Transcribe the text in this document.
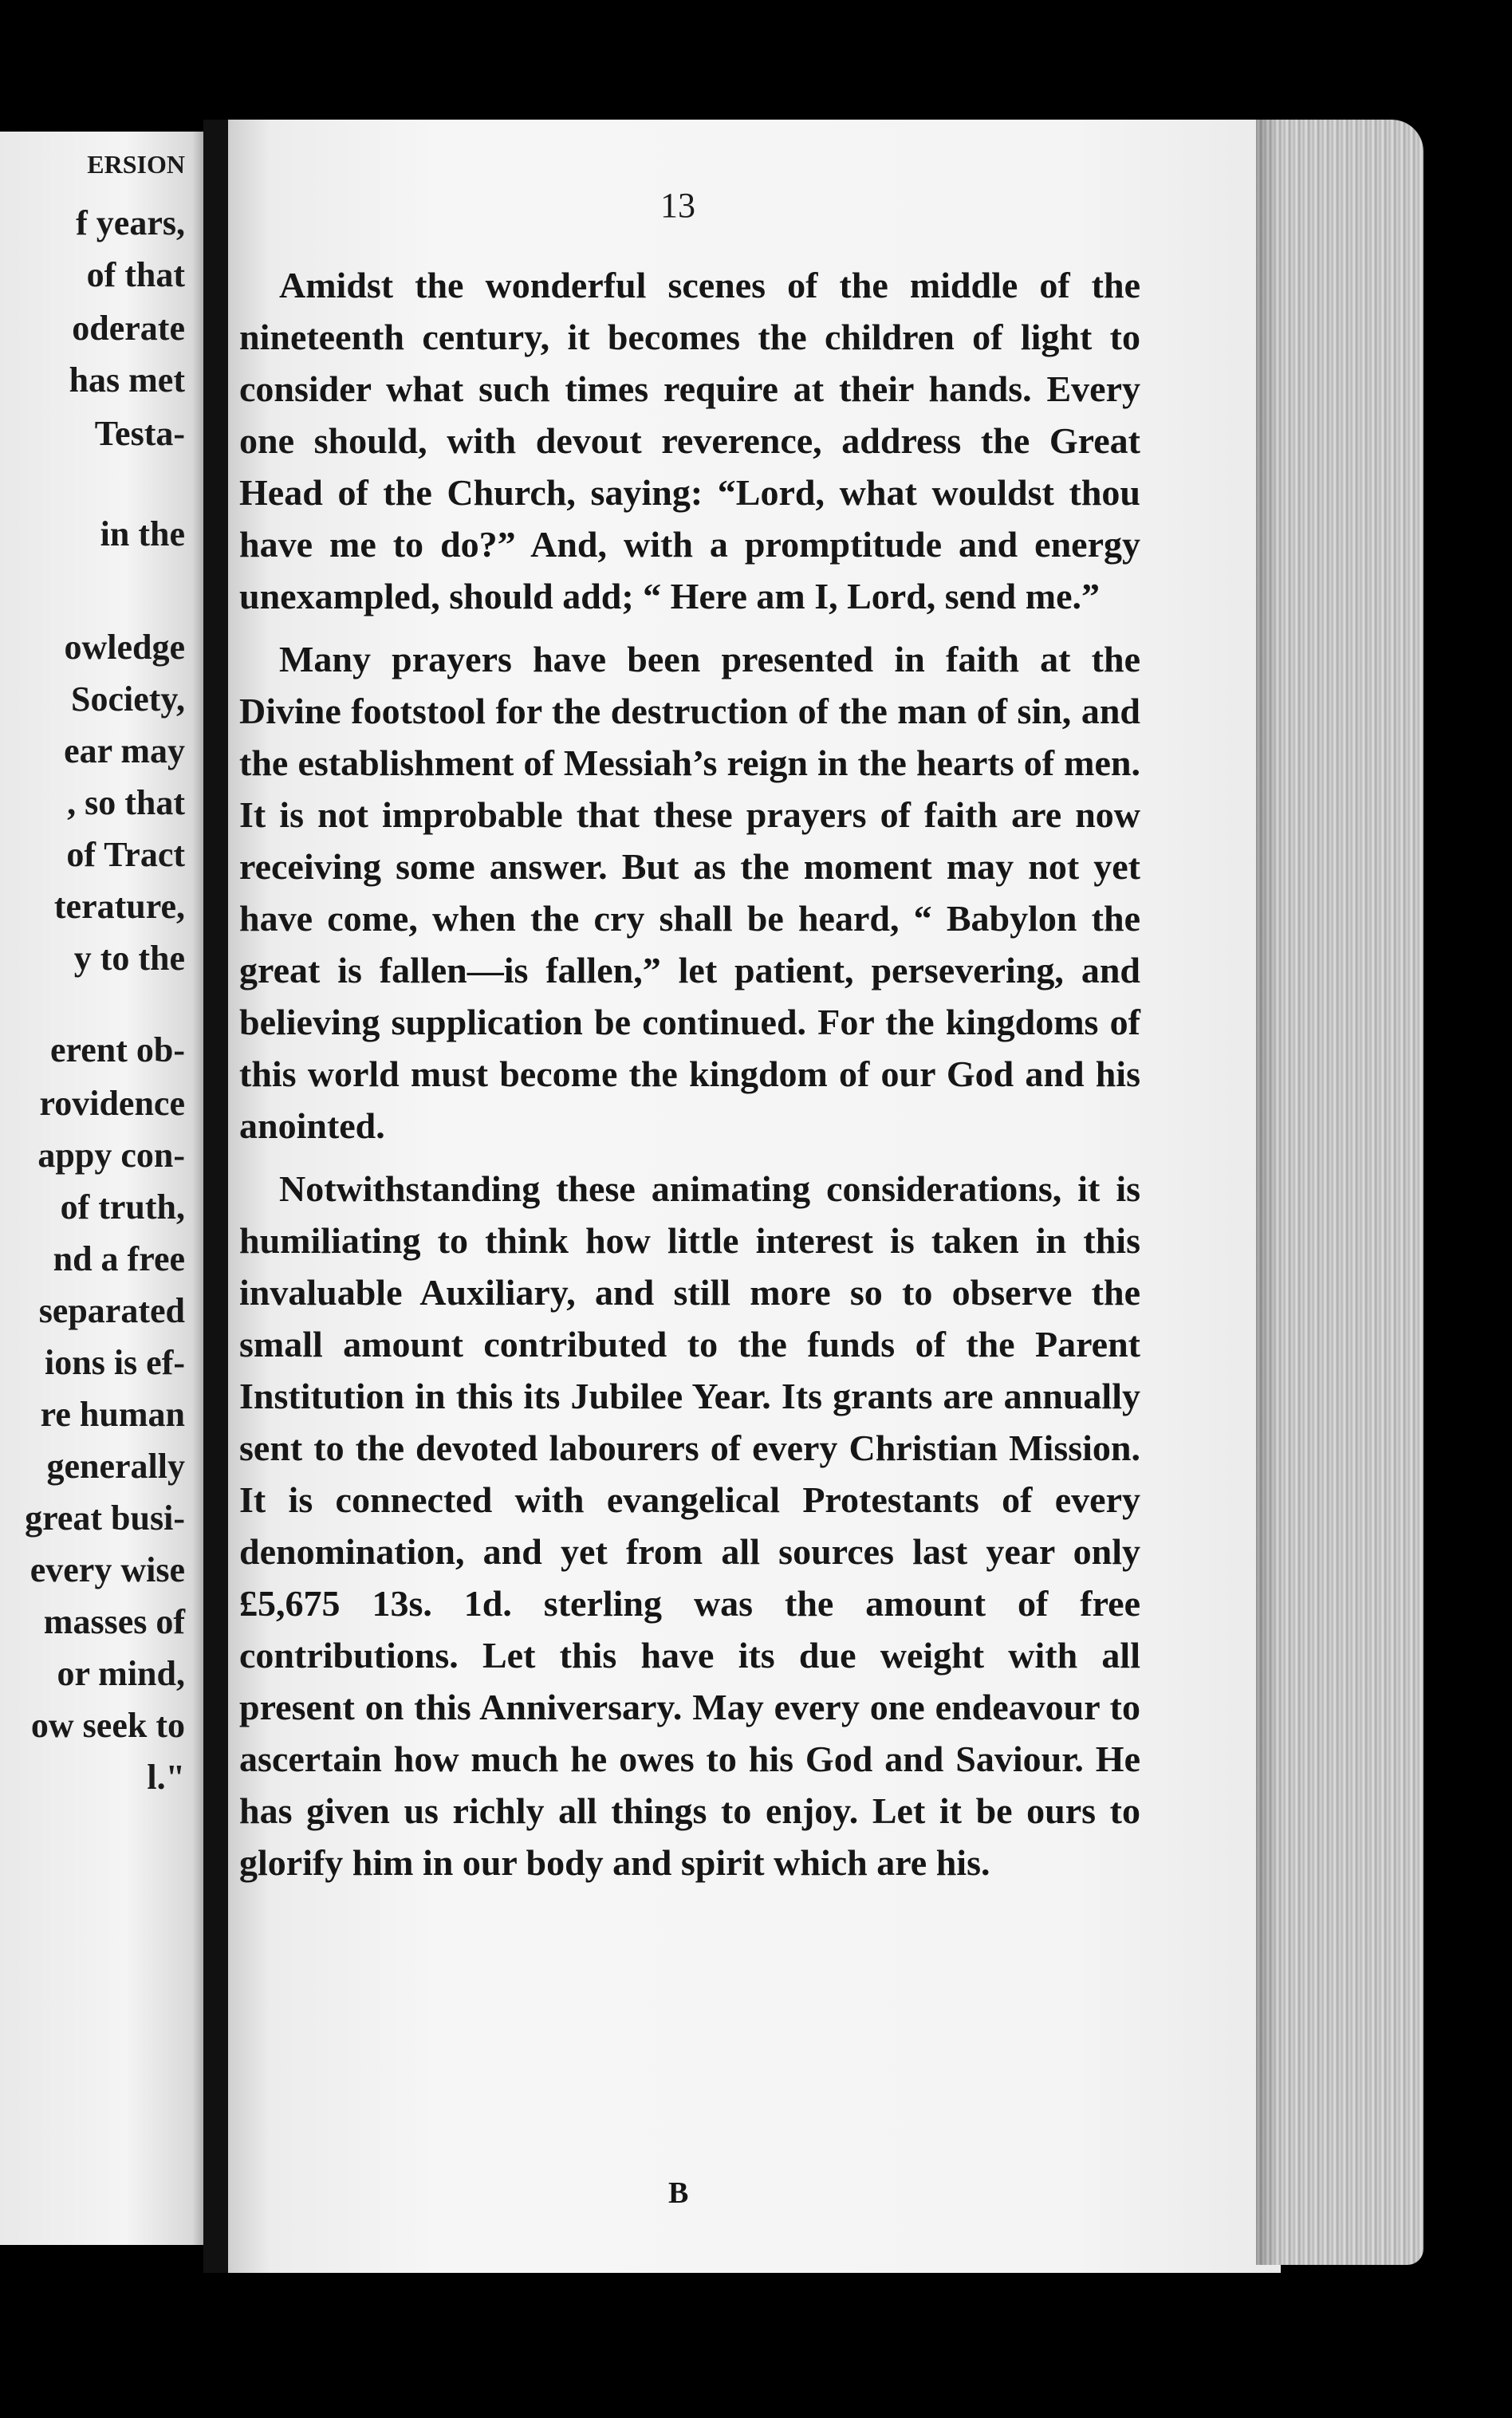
ERSION
f years,
of that
oderate
has met
Testa-
in the
owledge
Society,
ear may
, so that
of Tract
terature,
y to the
erent ob-
rovidence
appy con-
of truth,
nd a free
separated
ions is ef-
re human
generally
great busi-
every wise
masses of
or mind,
ow seek to
l."
13

Amidst the wonderful scenes of the middle of the nineteenth century, it becomes the children of light to consider what such times require at their hands. Every one should, with devout reverence, address the Great Head of the Church, saying: “Lord, what wouldst thou have me to do?” And, with a promptitude and energy unexampled, should add; “ Here am I, Lord, send me.”

Many prayers have been presented in faith at the Divine footstool for the destruction of the man of sin, and the establishment of Messiah’s reign in the hearts of men. It is not improbable that these prayers of faith are now receiving some answer. But as the moment may not yet have come, when the cry shall be heard, “ Babylon the great is fallen—is fallen,” let patient, persevering, and believing supplication be continued. For the kingdoms of this world must become the kingdom of our God and his anointed.

Notwithstanding these animating considerations, it is humiliating to think how little interest is taken in this invaluable Auxiliary, and still more so to observe the small amount contributed to the funds of the Parent Institution in this its Jubilee Year. Its grants are annually sent to the devoted labourers of every Christian Mission. It is connected with evangelical Protestants of every denomination, and yet from all sources last year only £5,675 13s. 1d. sterling was the amount of free contributions. Let this have its due weight with all present on this Anniversary. May every one endeavour to ascertain how much he owes to his God and Saviour. He has given us richly all things to enjoy. Let it be ours to glorify him in our body and spirit which are his.

B
